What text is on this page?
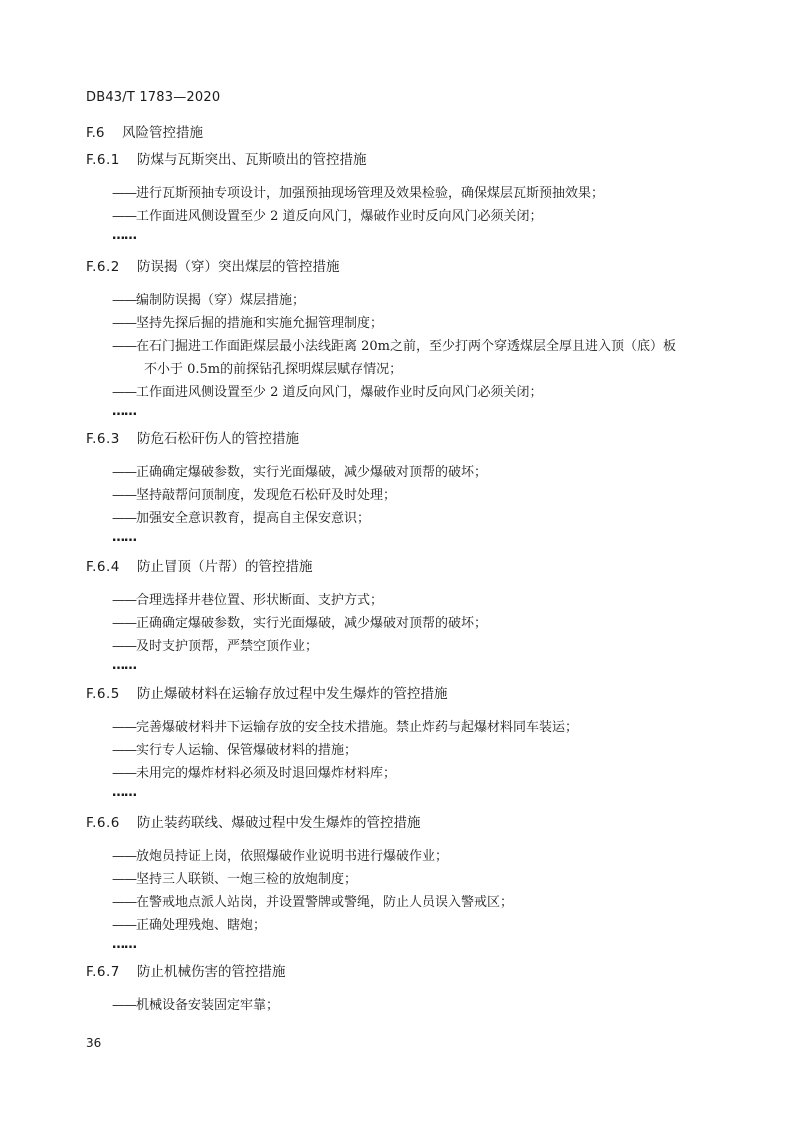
DB43/T 1783—2020
F.6 风险管控措施
F.6.1 防煤与瓦斯突出、瓦斯喷出的管控措施
——进行瓦斯预抽专项设计，加强预抽现场管理及效果检验，确保煤层瓦斯预抽效果；
——工作面进风侧设置至少 2 道反向风门，爆破作业时反向风门必须关闭；
……
F.6.2 防误揭（穿）突出煤层的管控措施
——编制防误揭（穿）煤层措施；
——坚持先探后掘的措施和实施允掘管理制度；
——在石门掘进工作面距煤层最小法线距离 20m之前，至少打两个穿透煤层全厚且进入顶（底）板
不小于 0.5m的前探钻孔探明煤层赋存情况；
——工作面进风侧设置至少 2 道反向风门，爆破作业时反向风门必须关闭；
……
F.6.3 防危石松矸伤人的管控措施
——正确确定爆破参数，实行光面爆破，减少爆破对顶帮的破坏；
——坚持敲帮问顶制度，发现危石松矸及时处理；
——加强安全意识教育，提高自主保安意识；
……
F.6.4 防止冒顶（片帮）的管控措施
——合理选择井巷位置、形状断面、支护方式；
——正确确定爆破参数，实行光面爆破，减少爆破对顶帮的破坏；
——及时支护顶帮，严禁空顶作业；
……
F.6.5 防止爆破材料在运输存放过程中发生爆炸的管控措施
——完善爆破材料井下运输存放的安全技术措施。禁止炸药与起爆材料同车装运；
——实行专人运输、保管爆破材料的措施；
——未用完的爆炸材料必须及时退回爆炸材料库；
……
F.6.6 防止装药联线、爆破过程中发生爆炸的管控措施
——放炮员持证上岗，依照爆破作业说明书进行爆破作业；
——坚持三人联锁、一炮三检的放炮制度；
——在警戒地点派人站岗，并设置警牌或警绳，防止人员误入警戒区；
——正确处理残炮、瞎炮；
……
F.6.7 防止机械伤害的管控措施
——机械设备安装固定牢靠；
36
